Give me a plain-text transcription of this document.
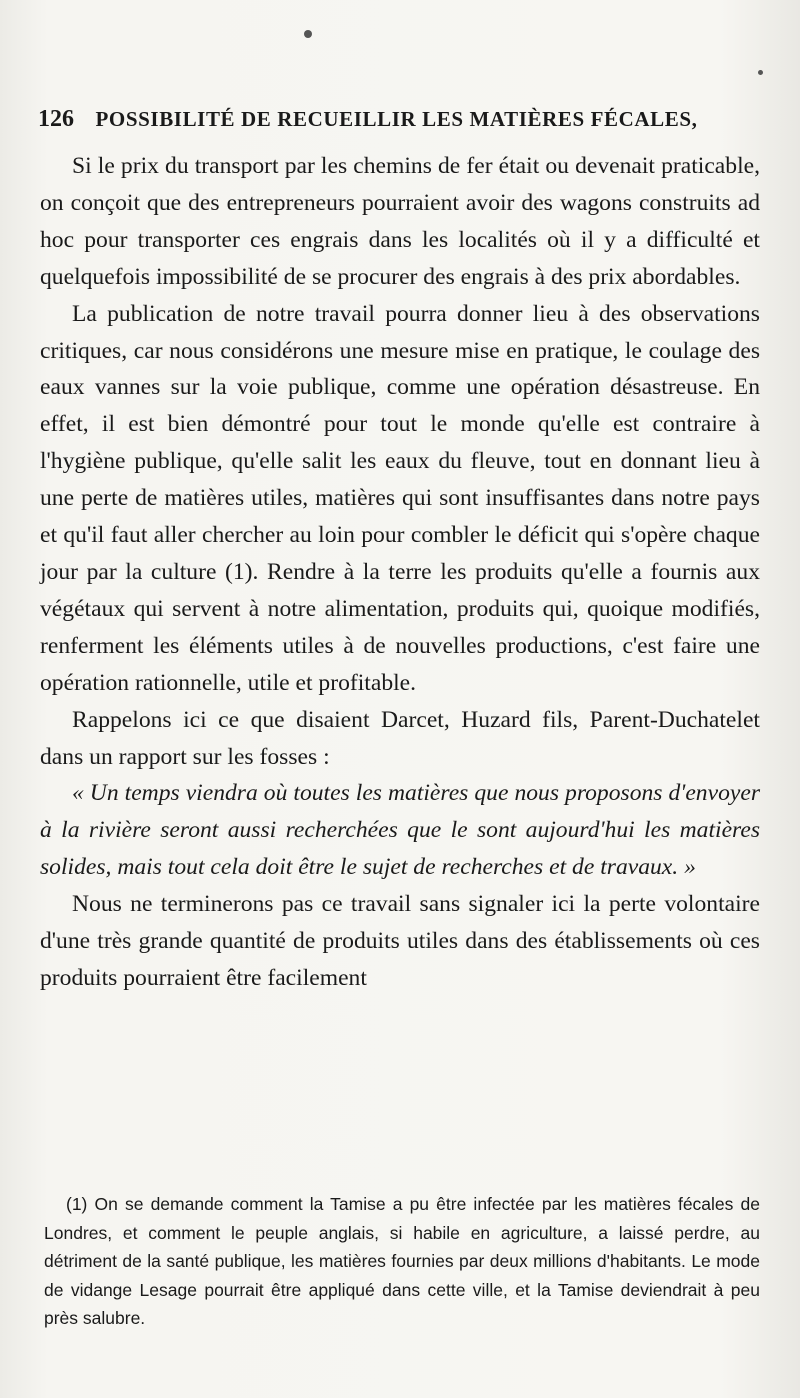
126 POSSIBILITÉ DE RECUEILLIR LES MATIÈRES FÉCALES,

Si le prix du transport par les chemins de fer était ou devenait praticable, on conçoit que des entrepreneurs pourraient avoir des wagons construits ad hoc pour transporter ces engrais dans les localités où il y a difficulté et quelquefois impossibilité de se procurer des engrais à des prix abordables.

La publication de notre travail pourra donner lieu à des observations critiques, car nous considérons une mesure mise en pratique, le coulage des eaux vannes sur la voie publique, comme une opération désastreuse. En effet, il est bien démontré pour tout le monde qu'elle est contraire à l'hygiène publique, qu'elle salit les eaux du fleuve, tout en donnant lieu à une perte de matières utiles, matières qui sont insuffisantes dans notre pays et qu'il faut aller chercher au loin pour combler le déficit qui s'opère chaque jour par la culture (1). Rendre à la terre les produits qu'elle a fournis aux végétaux qui servent à notre alimentation, produits qui, quoique modifiés, renferment les éléments utiles à de nouvelles productions, c'est faire une opération rationnelle, utile et profitable.

Rappelons ici ce que disaient Darcet, Huzard fils, Parent-Duchatelet dans un rapport sur les fosses :

« Un temps viendra où toutes les matières que nous proposons d'envoyer à la rivière seront aussi recherchées que le sont aujourd'hui les matières solides, mais tout cela doit être le sujet de recherches et de travaux. »

Nous ne terminerons pas ce travail sans signaler ici la perte volontaire d'une très grande quantité de produits utiles dans des établissements où ces produits pourraient être facilement

(1) On se demande comment la Tamise a pu être infectée par les matières fécales de Londres, et comment le peuple anglais, si habile en agriculture, a laissé perdre, au détriment de la santé publique, les matières fournies par deux millions d'habitants. Le mode de vidange Lesage pourrait être appliqué dans cette ville, et la Tamise deviendrait à peu près salubre.
